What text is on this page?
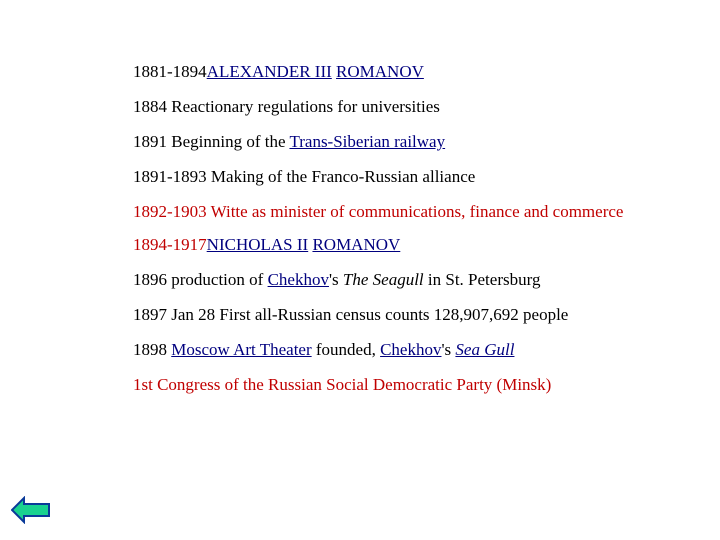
1881-1894ALEXANDER III ROMANOV
1884 Reactionary regulations for universities
1891 Beginning of the Trans-Siberian railway
1891-1893 Making of the Franco-Russian alliance
1892-1903 Witte as minister of communications, finance and commerce
1894-1917NICHOLAS II ROMANOV
1896 production of Chekhov's The Seagull in St. Petersburg
1897 Jan 28 First all-Russian census counts 128,907,692 people
1898 Moscow Art Theater founded, Chekhov's Sea Gull
1st Congress of the Russian Social Democratic Party (Minsk)
